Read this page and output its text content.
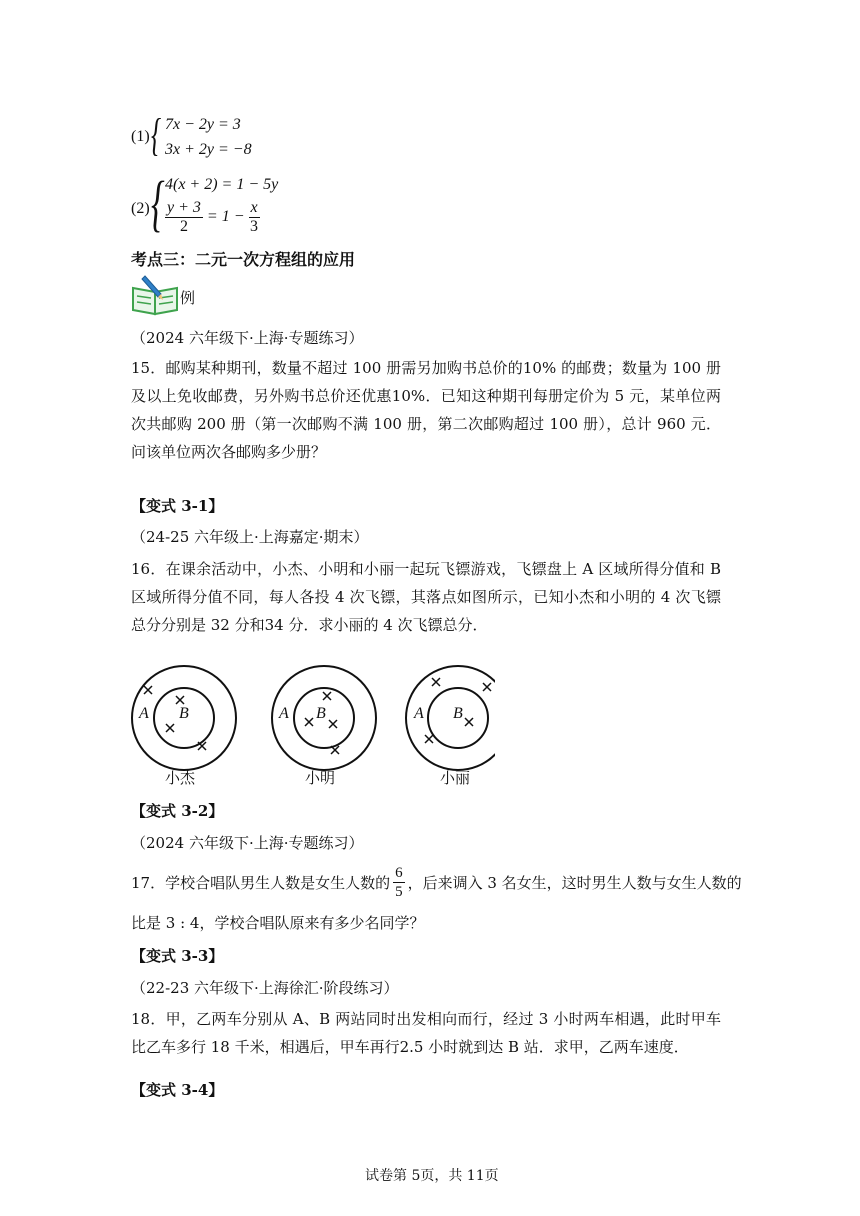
(1) { 7x − 2y = 3
3x + 2y = −8
(2) { 4(x + 2) = 1 − 5y
$\frac{y + 3}{2} = 1 - \frac{x}{3}$
考点三：二元一次方程组的应用
例
（2024 六年级下·上海·专题练习）
15．邮购某种期刊，数量不超过 100 册需另加购书总价的10% 的邮费；数量为 100 册及以上免收邮费，另外购书总价还优惠10%．已知这种期刊每册定价为 5 元，某单位两次共邮购 200 册（第一次邮购不满 100 册，第二次邮购超过 100 册），总计 960 元．问该单位两次各邮购多少册？
【变式 3-1】
（24-25 六年级上·上海嘉定·期末）
16．在课余活动中，小杰、小明和小丽一起玩飞镖游戏，飞镖盘上 A 区域所得分值和 B 区域所得分值不同，每人各投 4 次飞镖，其落点如图所示，已知小杰和小明的 4 次飞镖总分分别是 32 分和34 分．求小丽的 4 次飞镖总分．
A B	A B	A B
小杰	小明	小丽
【变式 3-2】
（2024 六年级下·上海·专题练习）
17．学校合唱队男生人数是女生人数的 $\frac{6}{5}$ ，后来调入 3 名女生，这时男生人数与女生人数的
比是 3 : 4，学校合唱队原来有多少名同学？
【变式 3-3】
（22-23 六年级下·上海徐汇·阶段练习）
18．甲，乙两车分别从 A、B 两站同时出发相向而行，经过 3 小时两车相遇，此时甲车比乙车多行 18 千米，相遇后，甲车再行2.5 小时就到达 B 站．求甲，乙两车速度．
【变式 3-4】
试卷第 5页，共 11页
